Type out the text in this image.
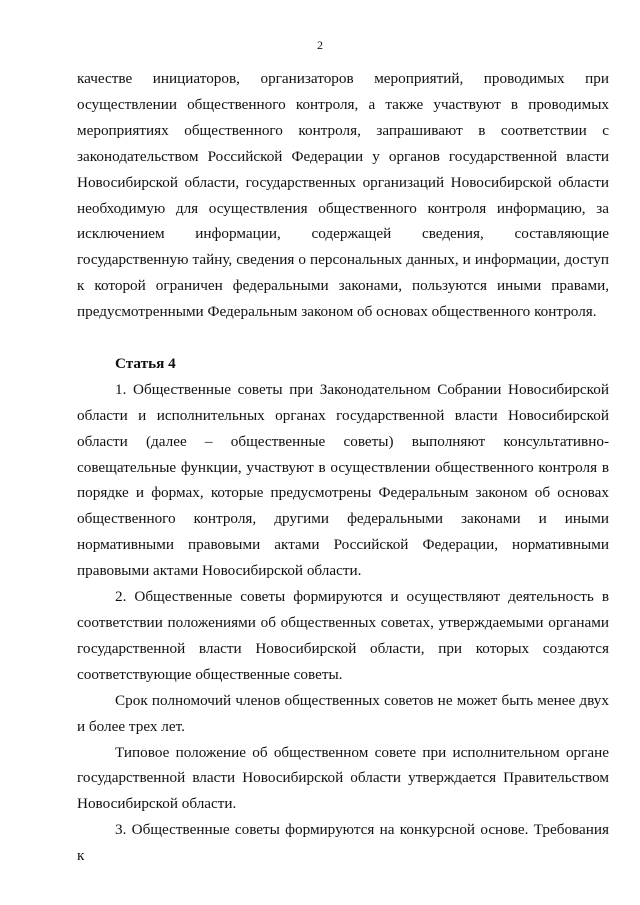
2

качестве инициаторов, организаторов мероприятий, проводимых при

осуществлении общественного контроля, а также участвуют в проводимых

мероприятиях общественного контроля, запрашивают в соответствии с

законодательством Российской Федерации у органов государственной власти

Новосибирской области, государственных организаций Новосибирской области

необходимую для осуществления общественного контроля информацию, за

исключением информации, содержащей сведения, составляющие

государственную тайну, сведения о персональных данных, и информации, доступ

к которой ограничен федеральными законами, пользуются иными правами,

предусмотренными Федеральным законом об основах общественного контроля.

Статья 4

1. Общественные советы при Законодательном Собрании Новосибирской

области и исполнительных органах государственной власти Новосибирской

области (далее – общественные советы) выполняют консультативно-

совещательные функции, участвуют в осуществлении общественного контроля в

порядке и формах, которые предусмотрены Федеральным законом об основах

общественного контроля, другими федеральными законами и иными

нормативными правовыми актами Российской Федерации, нормативными

правовыми актами Новосибирской области.

2. Общественные советы формируются и осуществляют деятельность в

соответствии положениями об общественных советах, утверждаемыми органами

государственной власти Новосибирской области, при которых создаются

соответствующие общественные советы.

Срок полномочий членов общественных советов не может быть менее двух

и более трех лет.

Типовое положение об общественном совете при исполнительном органе

государственной власти Новосибирской области утверждается Правительством

Новосибирской области.

3. Общественные советы формируются на конкурсной основе. Требования к
